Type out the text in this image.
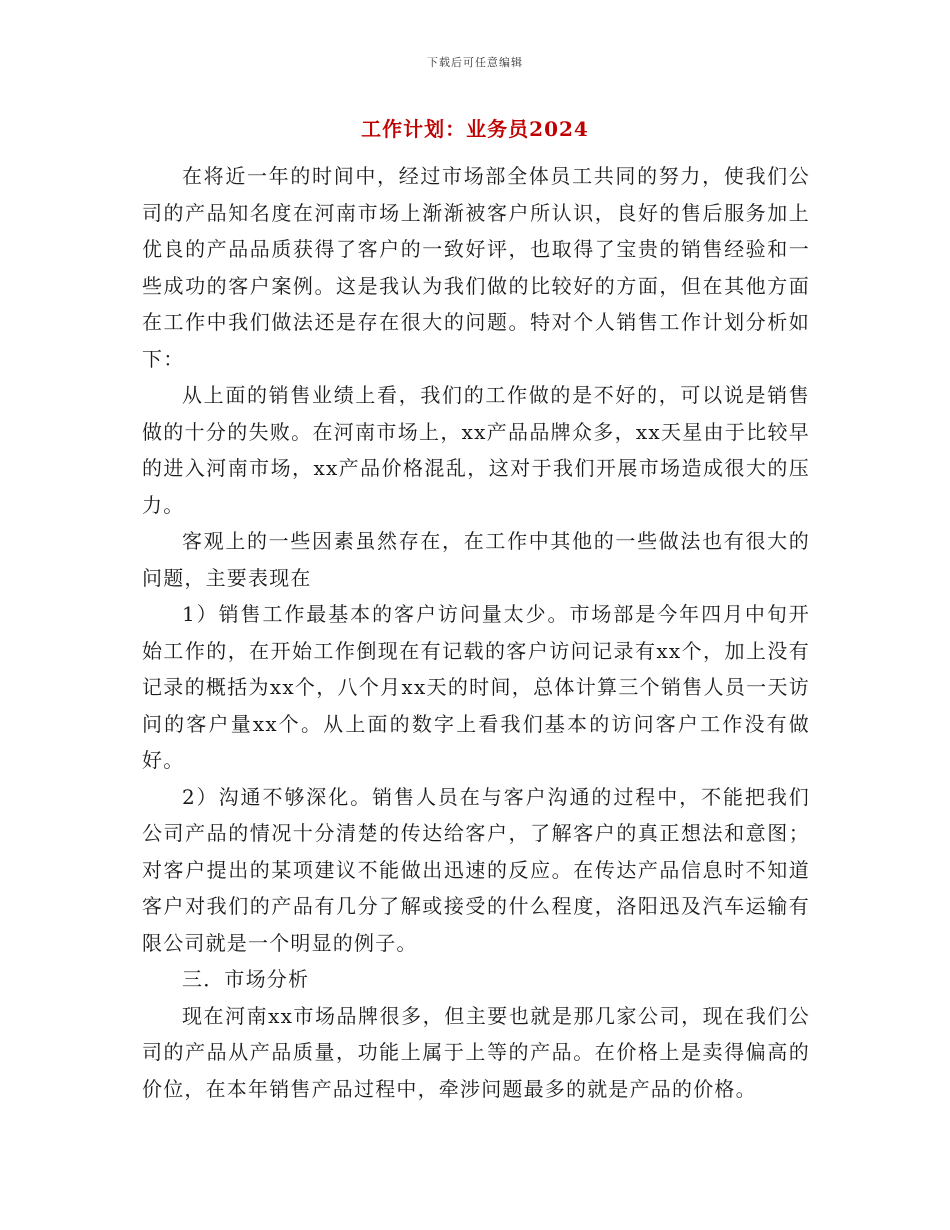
下载后可任意编辑
工作计划：业务员2024

在将近一年的时间中，经过市场部全体员工共同的努力，使我们公司的产品知名度在河南市场上渐渐被客户所认识，良好的售后服务加上优良的产品品质获得了客户的一致好评，也取得了宝贵的销售经验和一些成功的客户案例。这是我认为我们做的比较好的方面，但在其他方面在工作中我们做法还是存在很大的问题。特对个人销售工作计划分析如下：

从上面的销售业绩上看，我们的工作做的是不好的，可以说是销售做的十分的失败。在河南市场上，xx产品品牌众多，xx天星由于比较早的进入河南市场，xx产品价格混乱，这对于我们开展市场造成很大的压力。

客观上的一些因素虽然存在，在工作中其他的一些做法也有很大的问题，主要表现在

1）销售工作最基本的客户访问量太少。市场部是今年四月中旬开始工作的，在开始工作倒现在有记载的客户访问记录有xx个，加上没有记录的概括为xx个，八个月xx天的时间，总体计算三个销售人员一天访问的客户量xx个。从上面的数字上看我们基本的访问客户工作没有做好。

2）沟通不够深化。销售人员在与客户沟通的过程中，不能把我们公司产品的情况十分清楚的传达给客户，了解客户的真正想法和意图；对客户提出的某项建议不能做出迅速的反应。在传达产品信息时不知道客户对我们的产品有几分了解或接受的什么程度，洛阳迅及汽车运输有限公司就是一个明显的例子。

三．市场分析

现在河南xx市场品牌很多，但主要也就是那几家公司，现在我们公司的产品从产品质量，功能上属于上等的产品。在价格上是卖得偏高的价位，在本年销售产品过程中，牵涉问题最多的就是产品的价格。
